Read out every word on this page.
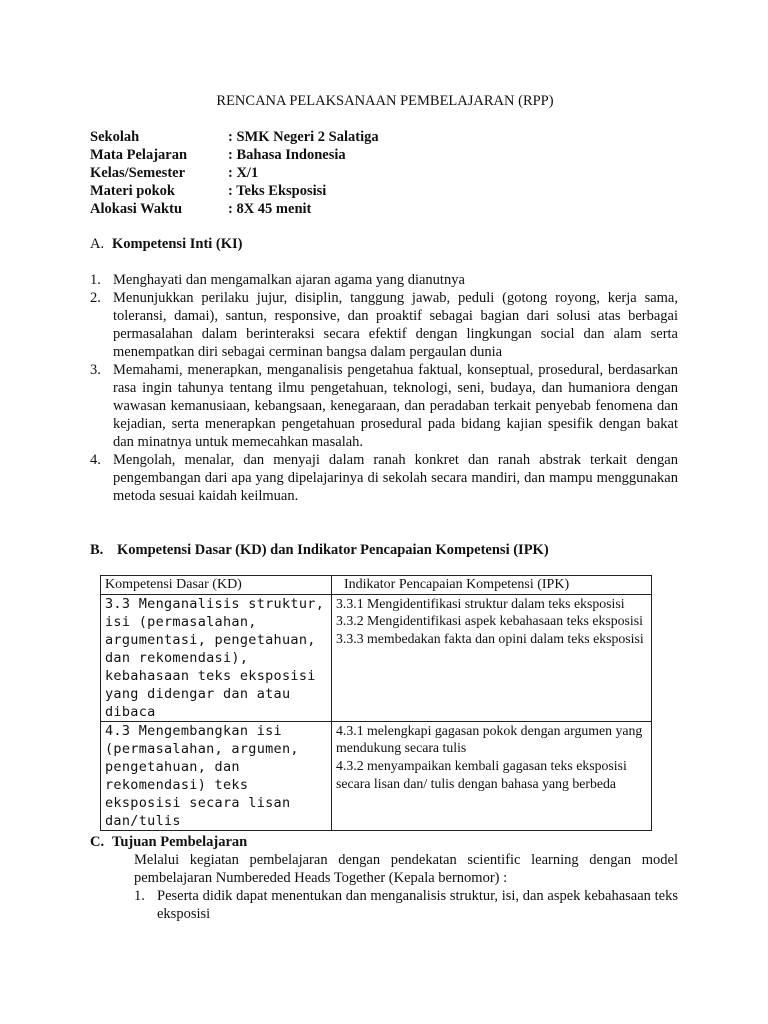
RENCANA PELAKSANAAN PEMBELAJARAN (RPP)
Sekolah	: SMK Negeri 2 Salatiga
Mata Pelajaran	: Bahasa Indonesia
Kelas/Semester	: X/1
Materi pokok	: Teks Eksposisi
Alokasi Waktu	: 8X 45 menit
A. Kompetensi Inti (KI)
1. Menghayati dan mengamalkan ajaran agama yang dianutnya
2. Menunjukkan perilaku jujur, disiplin, tanggung jawab, peduli (gotong royong, kerja sama, toleransi, damai), santun, responsive, dan proaktif sebagai bagian dari solusi atas berbagai permasalahan dalam berinteraksi secara efektif dengan lingkungan social dan alam serta menempatkan diri sebagai cerminan bangsa dalam pergaulan dunia
3. Memahami, menerapkan, menganalisis pengetahua faktual, konseptual, prosedural, berdasarkan rasa ingin tahunya tentang ilmu pengetahuan, teknologi, seni, budaya, dan humaniora dengan wawasan kemanusiaan, kebangsaan, kenegaraan, dan peradaban terkait penyebab fenomena dan kejadian, serta menerapkan pengetahuan prosedural pada bidang kajian spesifik dengan bakat dan minatnya untuk memecahkan masalah.
4. Mengolah, menalar, dan menyaji dalam ranah konkret dan ranah abstrak terkait dengan pengembangan dari apa yang dipelajarinya di sekolah secara mandiri, dan mampu menggunakan metoda sesuai kaidah keilmuan.
B. Kompetensi Dasar (KD) dan Indikator Pencapaian Kompetensi (IPK)
Kompetensi Dasar (KD)	Indikator Pencapaian Kompetensi (IPK)

3.3 Menganalisis struktur, isi (permasalahan, argumentasi, pengetahuan, dan rekomendasi), kebahasaan teks eksposisi yang didengar dan atau dibaca	3.3.1 Mengidentifikasi struktur dalam teks eksposisi
3.3.2 Mengidentifikasi aspek kebahasaan teks eksposisi
3.3.3 membedakan fakta dan opini dalam teks eksposisi

4.3 Mengembangkan isi (permasalahan, argumen, pengetahuan, dan rekomendasi) teks eksposisi secara lisan dan/tulis	4.3.1 melengkapi gagasan pokok dengan argumen yang mendukung secara tulis
4.3.2 menyampaikan kembali gagasan teks eksposisi secara lisan dan/ tulis dengan bahasa yang berbeda
C. Tujuan Pembelajaran
Melalui kegiatan pembelajaran dengan pendekatan scientific learning dengan model pembelajaran Numbereded Heads Together (Kepala bernomor) :
1. Peserta didik dapat menentukan dan menganalisis struktur, isi, dan aspek kebahasaan teks eksposisi
